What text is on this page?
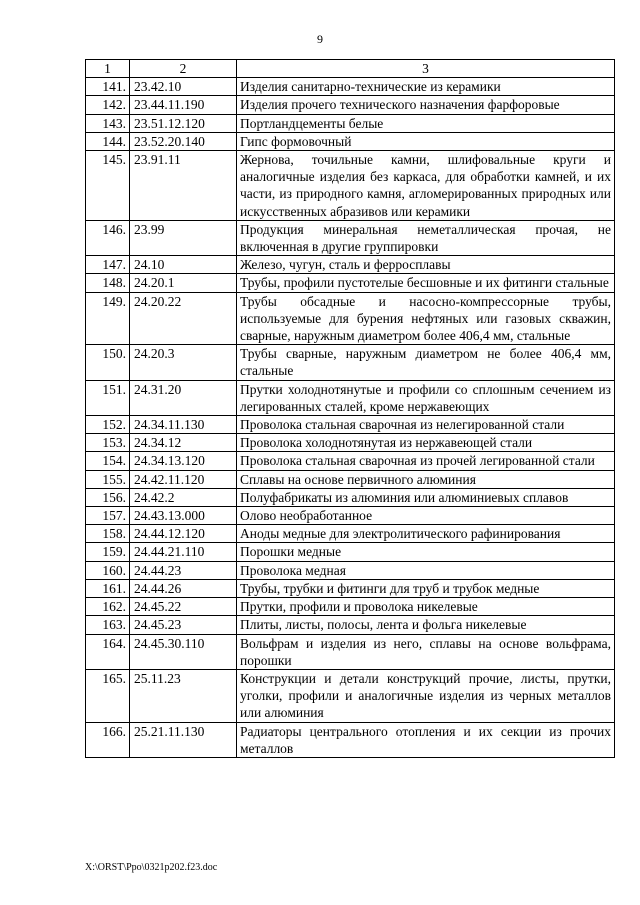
9
1	2	3
141.	23.42.10	Изделия санитарно-технические из керамики
142.	23.44.11.190	Изделия прочего технического назначения фарфоровые
143.	23.51.12.120	Портландцементы белые
144.	23.52.20.140	Гипс формовочный
145.	23.91.11	Жернова, точильные камни, шлифовальные круги и аналогичные изделия без каркаса, для обработки камней, и их части, из природного камня, агломерированных природных или искусственных абразивов или керамики
146.	23.99	Продукция минеральная неметаллическая прочая, не включенная в другие группировки
147.	24.10	Железо, чугун, сталь и ферросплавы
148.	24.20.1	Трубы, профили пустотелые бесшовные и их фитинги стальные
149.	24.20.22	Трубы обсадные и насосно-компрессорные трубы, используемые для бурения нефтяных или газовых скважин, сварные, наружным диаметром более 406,4 мм, стальные
150.	24.20.3	Трубы сварные, наружным диаметром не более 406,4 мм, стальные
151.	24.31.20	Прутки холоднотянутые и профили со сплошным сечением из легированных сталей, кроме нержавеющих
152.	24.34.11.130	Проволока стальная сварочная из нелегированной стали
153.	24.34.12	Проволока холоднотянутая из нержавеющей стали
154.	24.34.13.120	Проволока стальная сварочная из прочей легированной стали
155.	24.42.11.120	Сплавы на основе первичного алюминия
156.	24.42.2	Полуфабрикаты из алюминия или алюминиевых сплавов
157.	24.43.13.000	Олово необработанное
158.	24.44.12.120	Аноды медные для электролитического рафинирования
159.	24.44.21.110	Порошки медные
160.	24.44.23	Проволока медная
161.	24.44.26	Трубы, трубки и фитинги для труб и трубок медные
162.	24.45.22	Прутки, профили и проволока никелевые
163.	24.45.23	Плиты, листы, полосы, лента и фольга никелевые
164.	24.45.30.110	Вольфрам и изделия из него, сплавы на основе вольфрама, порошки
165.	25.11.23	Конструкции и детали конструкций прочие, листы, прутки, уголки, профили и аналогичные изделия из черных металлов или алюминия
166.	25.21.11.130	Радиаторы центрального отопления и их секции из прочих металлов
X:\ORST\Ppo\0321p202.f23.doc
